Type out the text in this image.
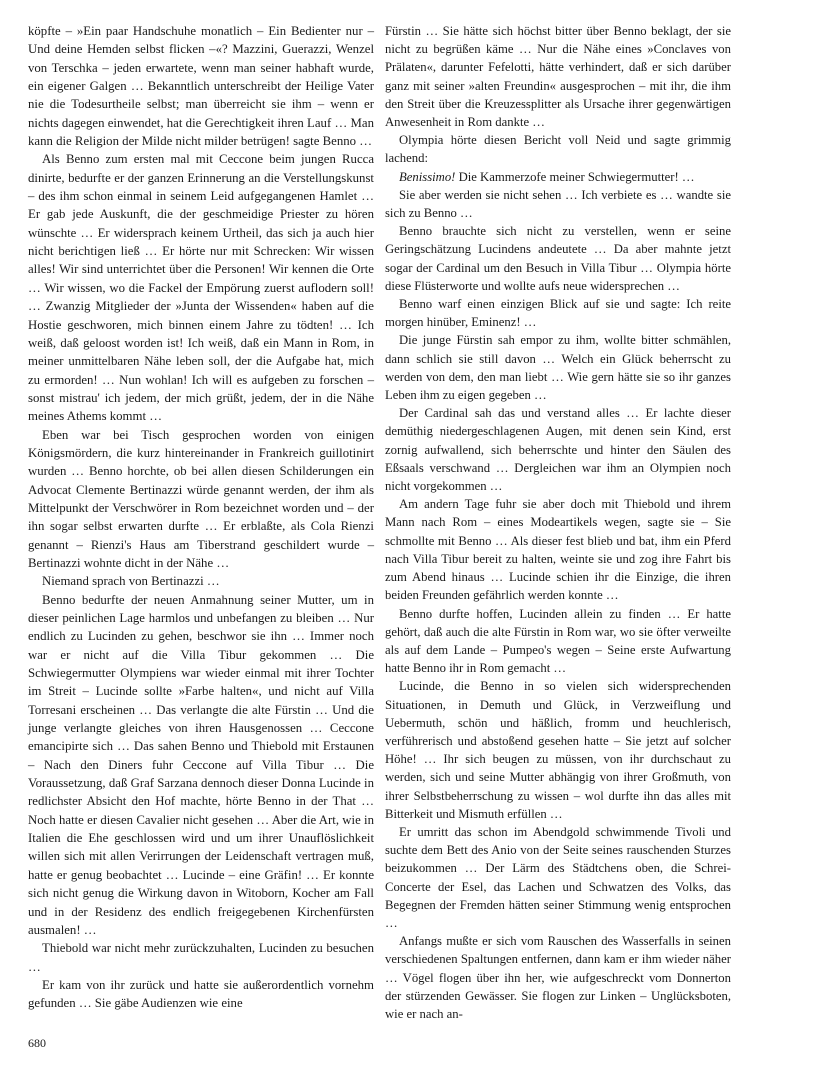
köpfte – »Ein paar Handschuhe monatlich – Ein Bedienter nur – Und deine Hemden selbst flicken –«? Mazzini, Guerazzi, Wenzel von Terschka – jeden erwartete, wenn man seiner habhaft wurde, ein eigener Galgen … Bekanntlich unterschreibt der Heilige Vater nie die Todesurtheile selbst; man überreicht sie ihm – wenn er nichts dagegen einwendet, hat die Gerechtigkeit ihren Lauf … Man kann die Religion der Milde nicht milder betrügen! sagte Benno …

Als Benno zum ersten mal mit Ceccone beim jungen Rucca dinirte, bedurfte er der ganzen Erinnerung an die Verstellungskunst – des ihm schon einmal in seinem Leid aufgegangenen Hamlet … Er gab jede Auskunft, die der geschmeidige Priester zu hören wünschte … Er widersprach keinem Urtheil, das sich ja auch hier nicht berichtigen ließ … Er hörte nur mit Schrecken: Wir wissen alles! Wir sind unterrichtet über die Personen! Wir kennen die Orte … Wir wissen, wo die Fackel der Empörung zuerst auflodern soll! … Zwanzig Mitglieder der »Junta der Wissenden« haben auf die Hostie geschworen, mich binnen einem Jahre zu tödten! … Ich weiß, daß geloost worden ist! Ich weiß, daß ein Mann in Rom, in meiner unmittelbaren Nähe leben soll, der die Aufgabe hat, mich zu ermorden! … Nun wohlan! Ich will es aufgeben zu forschen – sonst mistrau' ich jedem, der mich grüßt, jedem, der in die Nähe meines Athems kommt …

Eben war bei Tisch gesprochen worden von einigen Königsmördern, die kurz hintereinander in Frankreich guillotinirt wurden … Benno horchte, ob bei allen diesen Schilderungen ein Advocat Clemente Bertinazzi würde genannt werden, der ihm als Mittelpunkt der Verschwörer in Rom bezeichnet worden und – der ihn sogar selbst erwarten durfte … Er erblaßte, als Cola Rienzi genannt – Rienzi's Haus am Tiberstrand geschildert wurde – Bertinazzi wohnte dicht in der Nähe …

Niemand sprach von Bertinazzi …

Benno bedurfte der neuen Anmahnung seiner Mutter, um in dieser peinlichen Lage harmlos und unbefangen zu bleiben … Nur endlich zu Lucinden zu gehen, beschwor sie ihn … Immer noch war er nicht auf die Villa Tibur gekommen … Die Schwiegermutter Olympiens war wieder einmal mit ihrer Tochter im Streit – Lucinde sollte »Farbe halten«, und nicht auf Villa Torresani erscheinen … Das verlangte die alte Fürstin … Und die junge verlangte gleiches von ihren Hausgenossen … Ceccone emancipirte sich … Das sahen Benno und Thiebold mit Erstaunen – Nach den Diners fuhr Ceccone auf Villa Tibur … Die Voraussetzung, daß Graf Sarzana dennoch dieser Donna Lucinde in redlichster Absicht den Hof machte, hörte Benno in der That … Noch hatte er diesen Cavalier nicht gesehen … Aber die Art, wie in Italien die Ehe geschlossen wird und um ihrer Unauflöslichkeit willen sich mit allen Verirrungen der Leidenschaft vertragen muß, hatte er genug beobachtet … Lucinde – eine Gräfin! … Er konnte sich nicht genug die Wirkung davon in Witoborn, Kocher am Fall und in der Residenz des endlich freigegebenen Kirchenfürsten ausmalen! …

Thiebold war nicht mehr zurückzuhalten, Lucinden zu besuchen …

Er kam von ihr zurück und hatte sie außerordentlich vornehm gefunden … Sie gäbe Audienzen wie eine

Fürstin … Sie hätte sich höchst bitter über Benno beklagt, der sie nicht zu begrüßen käme … Nur die Nähe eines »Conclaves von Prälaten«, darunter Fefelotti, hätte verhindert, daß er sich darüber ganz mit seiner »alten Freundin« ausgesprochen – mit ihr, die ihm den Streit über die Kreuzessplitter als Ursache ihrer gegenwärtigen Anwesenheit in Rom dankte …

Olympia hörte diesen Bericht voll Neid und sagte grimmig lachend:

Benissimo! Die Kammerzofe meiner Schwiegermutter! …

Sie aber werden sie nicht sehen … Ich verbiete es … wandte sie sich zu Benno …

Benno brauchte sich nicht zu verstellen, wenn er seine Geringschätzung Lucindens andeutete … Da aber mahnte jetzt sogar der Cardinal um den Besuch in Villa Tibur … Olympia hörte diese Flüsterworte und wollte aufs neue widersprechen …

Benno warf einen einzigen Blick auf sie und sagte: Ich reite morgen hinüber, Eminenz! …

Die junge Fürstin sah empor zu ihm, wollte bitter schmählen, dann schlich sie still davon … Welch ein Glück beherrscht zu werden von dem, den man liebt … Wie gern hätte sie so ihr ganzes Leben ihm zu eigen gegeben …

Der Cardinal sah das und verstand alles … Er lachte dieser demüthig niedergeschlagenen Augen, mit denen sein Kind, erst zornig aufwallend, sich beherrschte und hinter den Säulen des Eßsaals verschwand … Dergleichen war ihm an Olympien noch nicht vorgekommen …

Am andern Tage fuhr sie aber doch mit Thiebold und ihrem Mann nach Rom – eines Modeartikels wegen, sagte sie – Sie schmollte mit Benno … Als dieser fest blieb und bat, ihm ein Pferd nach Villa Tibur bereit zu halten, weinte sie und zog ihre Fahrt bis zum Abend hinaus … Lucinde schien ihr die Einzige, die ihren beiden Freunden gefährlich werden konnte …

Benno durfte hoffen, Lucinden allein zu finden … Er hatte gehört, daß auch die alte Fürstin in Rom war, wo sie öfter verweilte als auf dem Lande – Pumpeo's wegen – Seine erste Aufwartung hatte Benno ihr in Rom gemacht …

Lucinde, die Benno in so vielen sich widersprechenden Situationen, in Demuth und Glück, in Verzweiflung und Uebermuth, schön und häßlich, fromm und heuchlerisch, verführerisch und abstoßend gesehen hatte – Sie jetzt auf solcher Höhe! … Ihr sich beugen zu müssen, von ihr durchschaut zu werden, sich und seine Mutter abhängig von ihrer Großmuth, von ihrer Selbstbeherrschung zu wissen – wol durfte ihn das alles mit Bitterkeit und Mismuth erfüllen …

Er umritt das schon im Abendgold schwimmende Tivoli und suchte dem Bett des Anio von der Seite seines rauschenden Sturzes beizukommen … Der Lärm des Städtchens oben, die Schrei-Concerte der Esel, das Lachen und Schwatzen des Volks, das Begegnen der Fremden hätten seiner Stimmung wenig entsprochen …

Anfangs mußte er sich vom Rauschen des Wasserfalls in seinen verschiedenen Spaltungen entfernen, dann kam er ihm wieder näher … Vögel flogen über ihn her, wie aufgeschreckt vom Donnerton der stürzenden Gewässer. Sie flogen zur Linken – Unglücksboten, wie er nach an-

680
